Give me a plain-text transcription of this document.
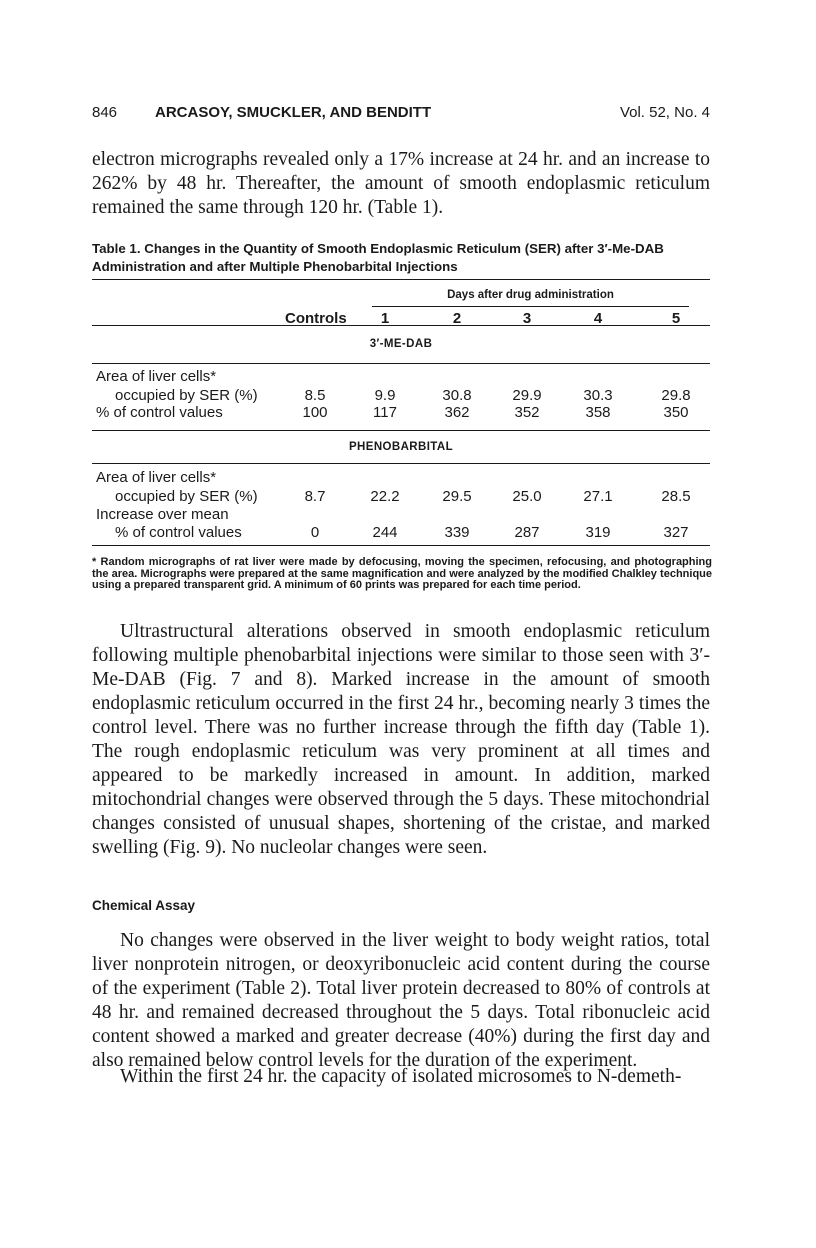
846	ARCASOY, SMUCKLER, AND BENDITT	Vol. 52, No. 4

electron micrographs revealed only a 17% increase at 24 hr. and an increase to 262% by 48 hr. Thereafter, the amount of smooth endoplasmic reticulum remained the same through 120 hr. (Table 1).

Table 1. Changes in the Quantity of Smooth Endoplasmic Reticulum (SER) after 3′-Me-DAB Administration and after Multiple Phenobarbital Injections
Days after drug administration
Controls	1	2	3	4	5
3′-ME-DAB
Area of liver cells*
occupied by SER (%)	8.5	9.9	30.8	29.9	30.3	29.8
% of control values	100	117	362	352	358	350
PHENOBARBITAL
Area of liver cells*
occupied by SER (%)	8.7	22.2	29.5	25.0	27.1	28.5
Increase over mean
% of control values	0	244	339	287	319	327
* Random micrographs of rat liver were made by defocusing, moving the specimen, refocusing, and photographing the area. Micrographs were prepared at the same magnification and were analyzed by the modified Chalkley technique using a prepared transparent grid. A minimum of 60 prints was prepared for each time period.

Ultrastructural alterations observed in smooth endoplasmic reticulum following multiple phenobarbital injections were similar to those seen with 3′-Me-DAB (Fig. 7 and 8). Marked increase in the amount of smooth endoplasmic reticulum occurred in the first 24 hr., becoming nearly 3 times the control level. There was no further increase through the fifth day (Table 1). The rough endoplasmic reticulum was very prominent at all times and appeared to be markedly increased in amount. In addition, marked mitochondrial changes were observed through the 5 days. These mitochondrial changes consisted of unusual shapes, shortening of the cristae, and marked swelling (Fig. 9). No nucleolar changes were seen.

Chemical Assay

No changes were observed in the liver weight to body weight ratios, total liver nonprotein nitrogen, or deoxyribonucleic acid content during the course of the experiment (Table 2). Total liver protein decreased to 80% of controls at 48 hr. and remained decreased throughout the 5 days. Total ribonucleic acid content showed a marked and greater decrease (40%) during the first day and also remained below control levels for the duration of the experiment.

Within the first 24 hr. the capacity of isolated microsomes to N-demeth-
